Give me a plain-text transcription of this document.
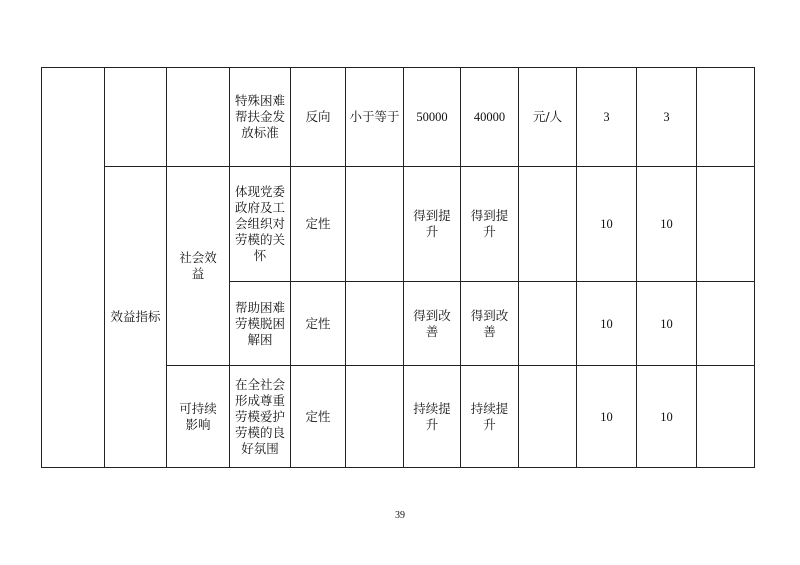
			特殊困难帮扶金发放标准	反向	小于等于	50000	40000	元/人	3	3	
	效益指标	社会效益	体现党委政府及工会组织对劳模的关怀	定性		得到提升	得到提升		10	10	
			帮助困难劳模脱困解困	定性		得到改善	得到改善		10	10	
		可持续影响	在全社会形成尊重劳模爱护劳模的良好氛围	定性		持续提升	持续提升		10	10	
39
